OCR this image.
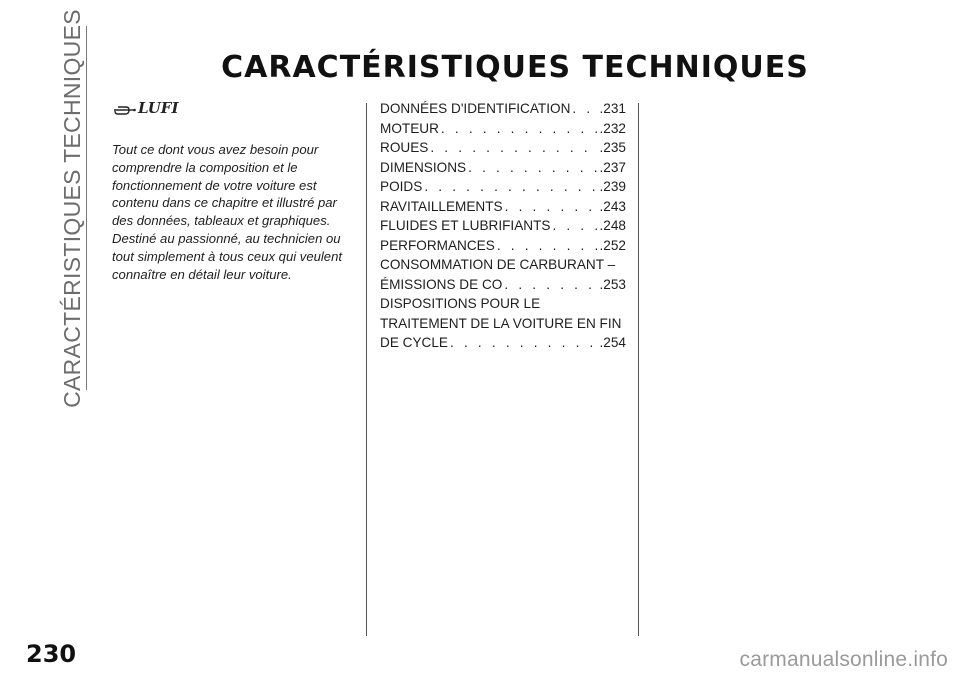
CARACTÉRISTIQUES TECHNIQUES	CARACTÉRISTIQUES TECHNIQUES
LUFI

Tout ce dont vous avez besoin pour comprendre la composition et le fonctionnement de votre voiture est contenu dans ce chapitre et illustré par des données, tableaux et graphiques. Destiné au passionné, au technicien ou tout simplement à tous ceux qui veulent connaître en détail leur voiture.

DONNÉES D'IDENTIFICATION . . . .231
MOTEUR . . .	.232
ROUES . . .	.235
DIMENSIONS . . .	.237
POIDS . . .	.239
RAVITAILLEMENTS . . .	.243
FLUIDES ET LUBRIFIANTS . . .	.248
PERFORMANCES . . .	.252
CONSOMMATION DE CARBURANT –
ÉMISSIONS DE CO . . .	.253
DISPOSITIONS POUR LE
TRAITEMENT DE LA VOITURE EN FIN
DE CYCLE . . .	.254
230	carmanualsonline.info
